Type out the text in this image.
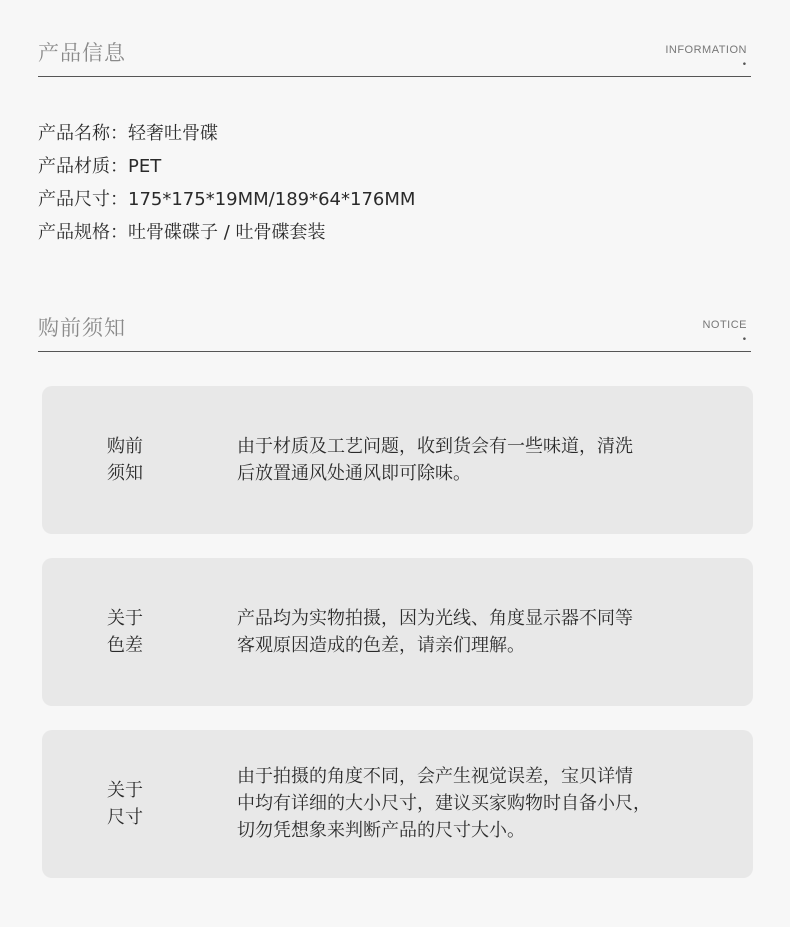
产品信息	INFORMATION
•
产品名称：轻奢吐骨碟
产品材质：PET
产品尺寸：175*175*19MM/189*64*176MM
产品规格：吐骨碟碟子 / 吐骨碟套装
购前须知	NOTICE
•
购前
须知
由于材质及工艺问题，收到货会有一些味道，清洗
后放置通风处通风即可除味。
关于
色差
产品均为实物拍摄，因为光线、角度显示器不同等
客观原因造成的色差，请亲们理解。
关于
尺寸
由于拍摄的角度不同，会产生视觉误差，宝贝详情
中均有详细的大小尺寸，建议买家购物时自备小尺，
切勿凭想象来判断产品的尺寸大小。
